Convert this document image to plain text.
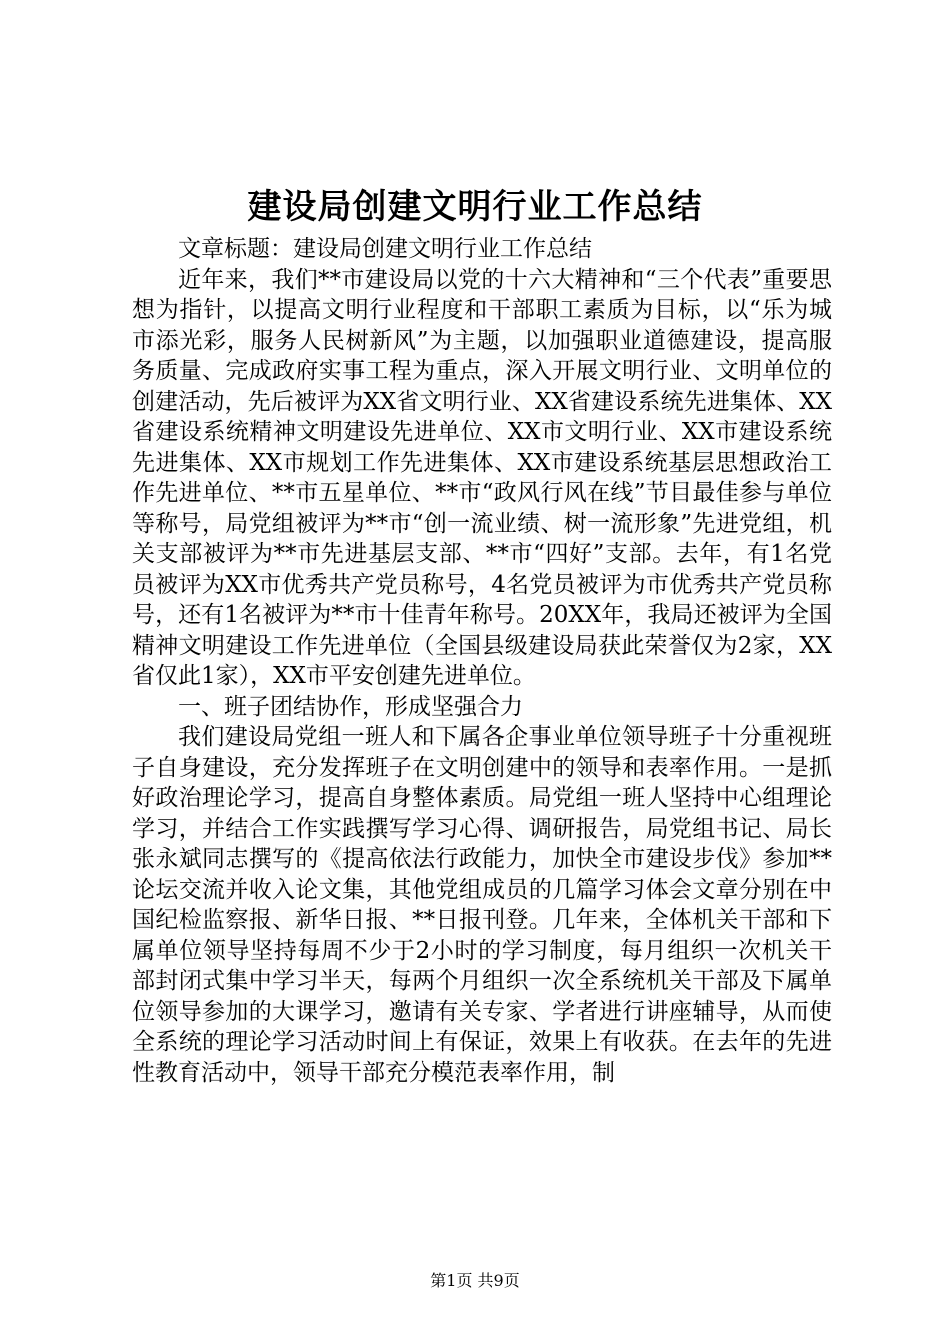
建设局创建文明行业工作总结

文章标题：建设局创建文明行业工作总结

近年来，我们**市建设局以党的十六大精神和“三个代表”重要思想为指针，以提高文明行业程度和干部职工素质为目标，以“乐为城市添光彩，服务人民树新风”为主题，以加强职业道德建设，提高服务质量、完成政府实事工程为重点，深入开展文明行业、文明单位的创建活动，先后被评为XX省文明行业、XX省建设系统先进集体、XX省建设系统精神文明建设先进单位、XX市文明行业、XX市建设系统先进集体、XX市规划工作先进集体、XX市建设系统基层思想政治工作先进单位、**市五星单位、**市“政风行风在线”节目最佳参与单位等称号，局党组被评为**市“创一流业绩、树一流形象”先进党组，机关支部被评为**市先进基层支部、**市“四好”支部。去年，有1名党员被评为XX市优秀共产党员称号，4名党员被评为市优秀共产党员称号，还有1名被评为**市十佳青年称号。20XX年，我局还被评为全国精神文明建设工作先进单位（全国县级建设局获此荣誉仅为2家，XX省仅此1家），XX市平安创建先进单位。

一、班子团结协作，形成坚强合力

我们建设局党组一班人和下属各企事业单位领导班子十分重视班子自身建设，充分发挥班子在文明创建中的领导和表率作用。一是抓好政治理论学习，提高自身整体素质。局党组一班人坚持中心组理论学习，并结合工作实践撰写学习心得、调研报告，局党组书记、局长张永斌同志撰写的《提高依法行政能力，加快全市建设步伐》参加**论坛交流并收入论文集，其他党组成员的几篇学习体会文章分别在中国纪检监察报、新华日报、**日报刊登。几年来，全体机关干部和下属单位领导坚持每周不少于2小时的学习制度，每月组织一次机关干部封闭式集中学习半天，每两个月组织一次全系统机关干部及下属单位领导参加的大课学习，邀请有关专家、学者进行讲座辅导，从而使全系统的理论学习活动时间上有保证，效果上有收获。在去年的先进性教育活动中，领导干部充分模范表率作用，制

第1页 共9页
